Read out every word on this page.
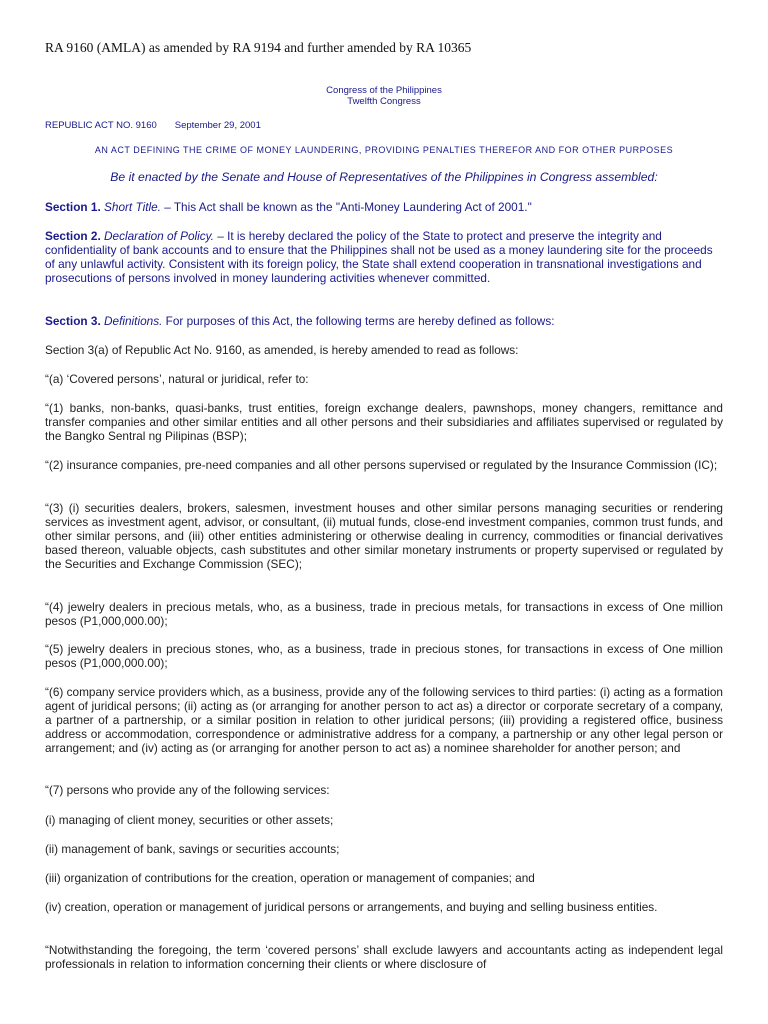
RA 9160 (AMLA) as amended by RA 9194 and further amended by RA 10365
Congress of the Philippines
Twelfth Congress
REPUBLIC ACT NO. 9160 September 29, 2001
AN ACT DEFINING THE CRIME OF MONEY LAUNDERING, PROVIDING PENALTIES THEREFOR AND FOR OTHER PURPOSES
Be it enacted by the Senate and House of Representatives of the Philippines in Congress assembled:

Section 1. Short Title. – This Act shall be known as the "Anti-Money Laundering Act of 2001."

Section 2. Declaration of Policy. – It is hereby declared the policy of the State to protect and preserve the integrity and confidentiality of bank accounts and to ensure that the Philippines shall not be used as a money laundering site for the proceeds of any unlawful activity. Consistent with its foreign policy, the State shall extend cooperation in transnational investigations and prosecutions of persons involved in money laundering activities whenever committed.

Section 3. Definitions. For purposes of this Act, the following terms are hereby defined as follows:

Section 3(a) of Republic Act No. 9160, as amended, is hereby amended to read as follows:

“(a) ‘Covered persons’, natural or juridical, refer to:

“(1) banks, non-banks, quasi-banks, trust entities, foreign exchange dealers, pawnshops, money changers, remittance and transfer companies and other similar entities and all other persons and their subsidiaries and affiliates supervised or regulated by the Bangko Sentral ng Pilipinas (BSP);

“(2) insurance companies, pre-need companies and all other persons supervised or regulated by the Insurance Commission (IC);

“(3) (i) securities dealers, brokers, salesmen, investment houses and other similar persons managing securities or rendering services as investment agent, advisor, or consultant, (ii) mutual funds, close-end investment companies, common trust funds, and other similar persons, and (iii) other entities administering or otherwise dealing in currency, commodities or financial derivatives based thereon, valuable objects, cash substitutes and other similar monetary instruments or property supervised or regulated by the Securities and Exchange Commission (SEC);

“(4) jewelry dealers in precious metals, who, as a business, trade in precious metals, for transactions in excess of One million pesos (P1,000,000.00);

“(5) jewelry dealers in precious stones, who, as a business, trade in precious stones, for transactions in excess of One million pesos (P1,000,000.00);

“(6) company service providers which, as a business, provide any of the following services to third parties: (i) acting as a formation agent of juridical persons; (ii) acting as (or arranging for another person to act as) a director or corporate secretary of a company, a partner of a partnership, or a similar position in relation to other juridical persons; (iii) providing a registered office, business address or accommodation, correspondence or administrative address for a company, a partnership or any other legal person or arrangement; and (iv) acting as (or arranging for another person to act as) a nominee shareholder for another person; and

“(7) persons who provide any of the following services:

(i) managing of client money, securities or other assets;

(ii) management of bank, savings or securities accounts;

(iii) organization of contributions for the creation, operation or management of companies; and

(iv) creation, operation or management of juridical persons or arrangements, and buying and selling business entities.

“Notwithstanding the foregoing, the term ‘covered persons’ shall exclude lawyers and accountants acting as independent legal professionals in relation to information concerning their clients or where disclosure of
